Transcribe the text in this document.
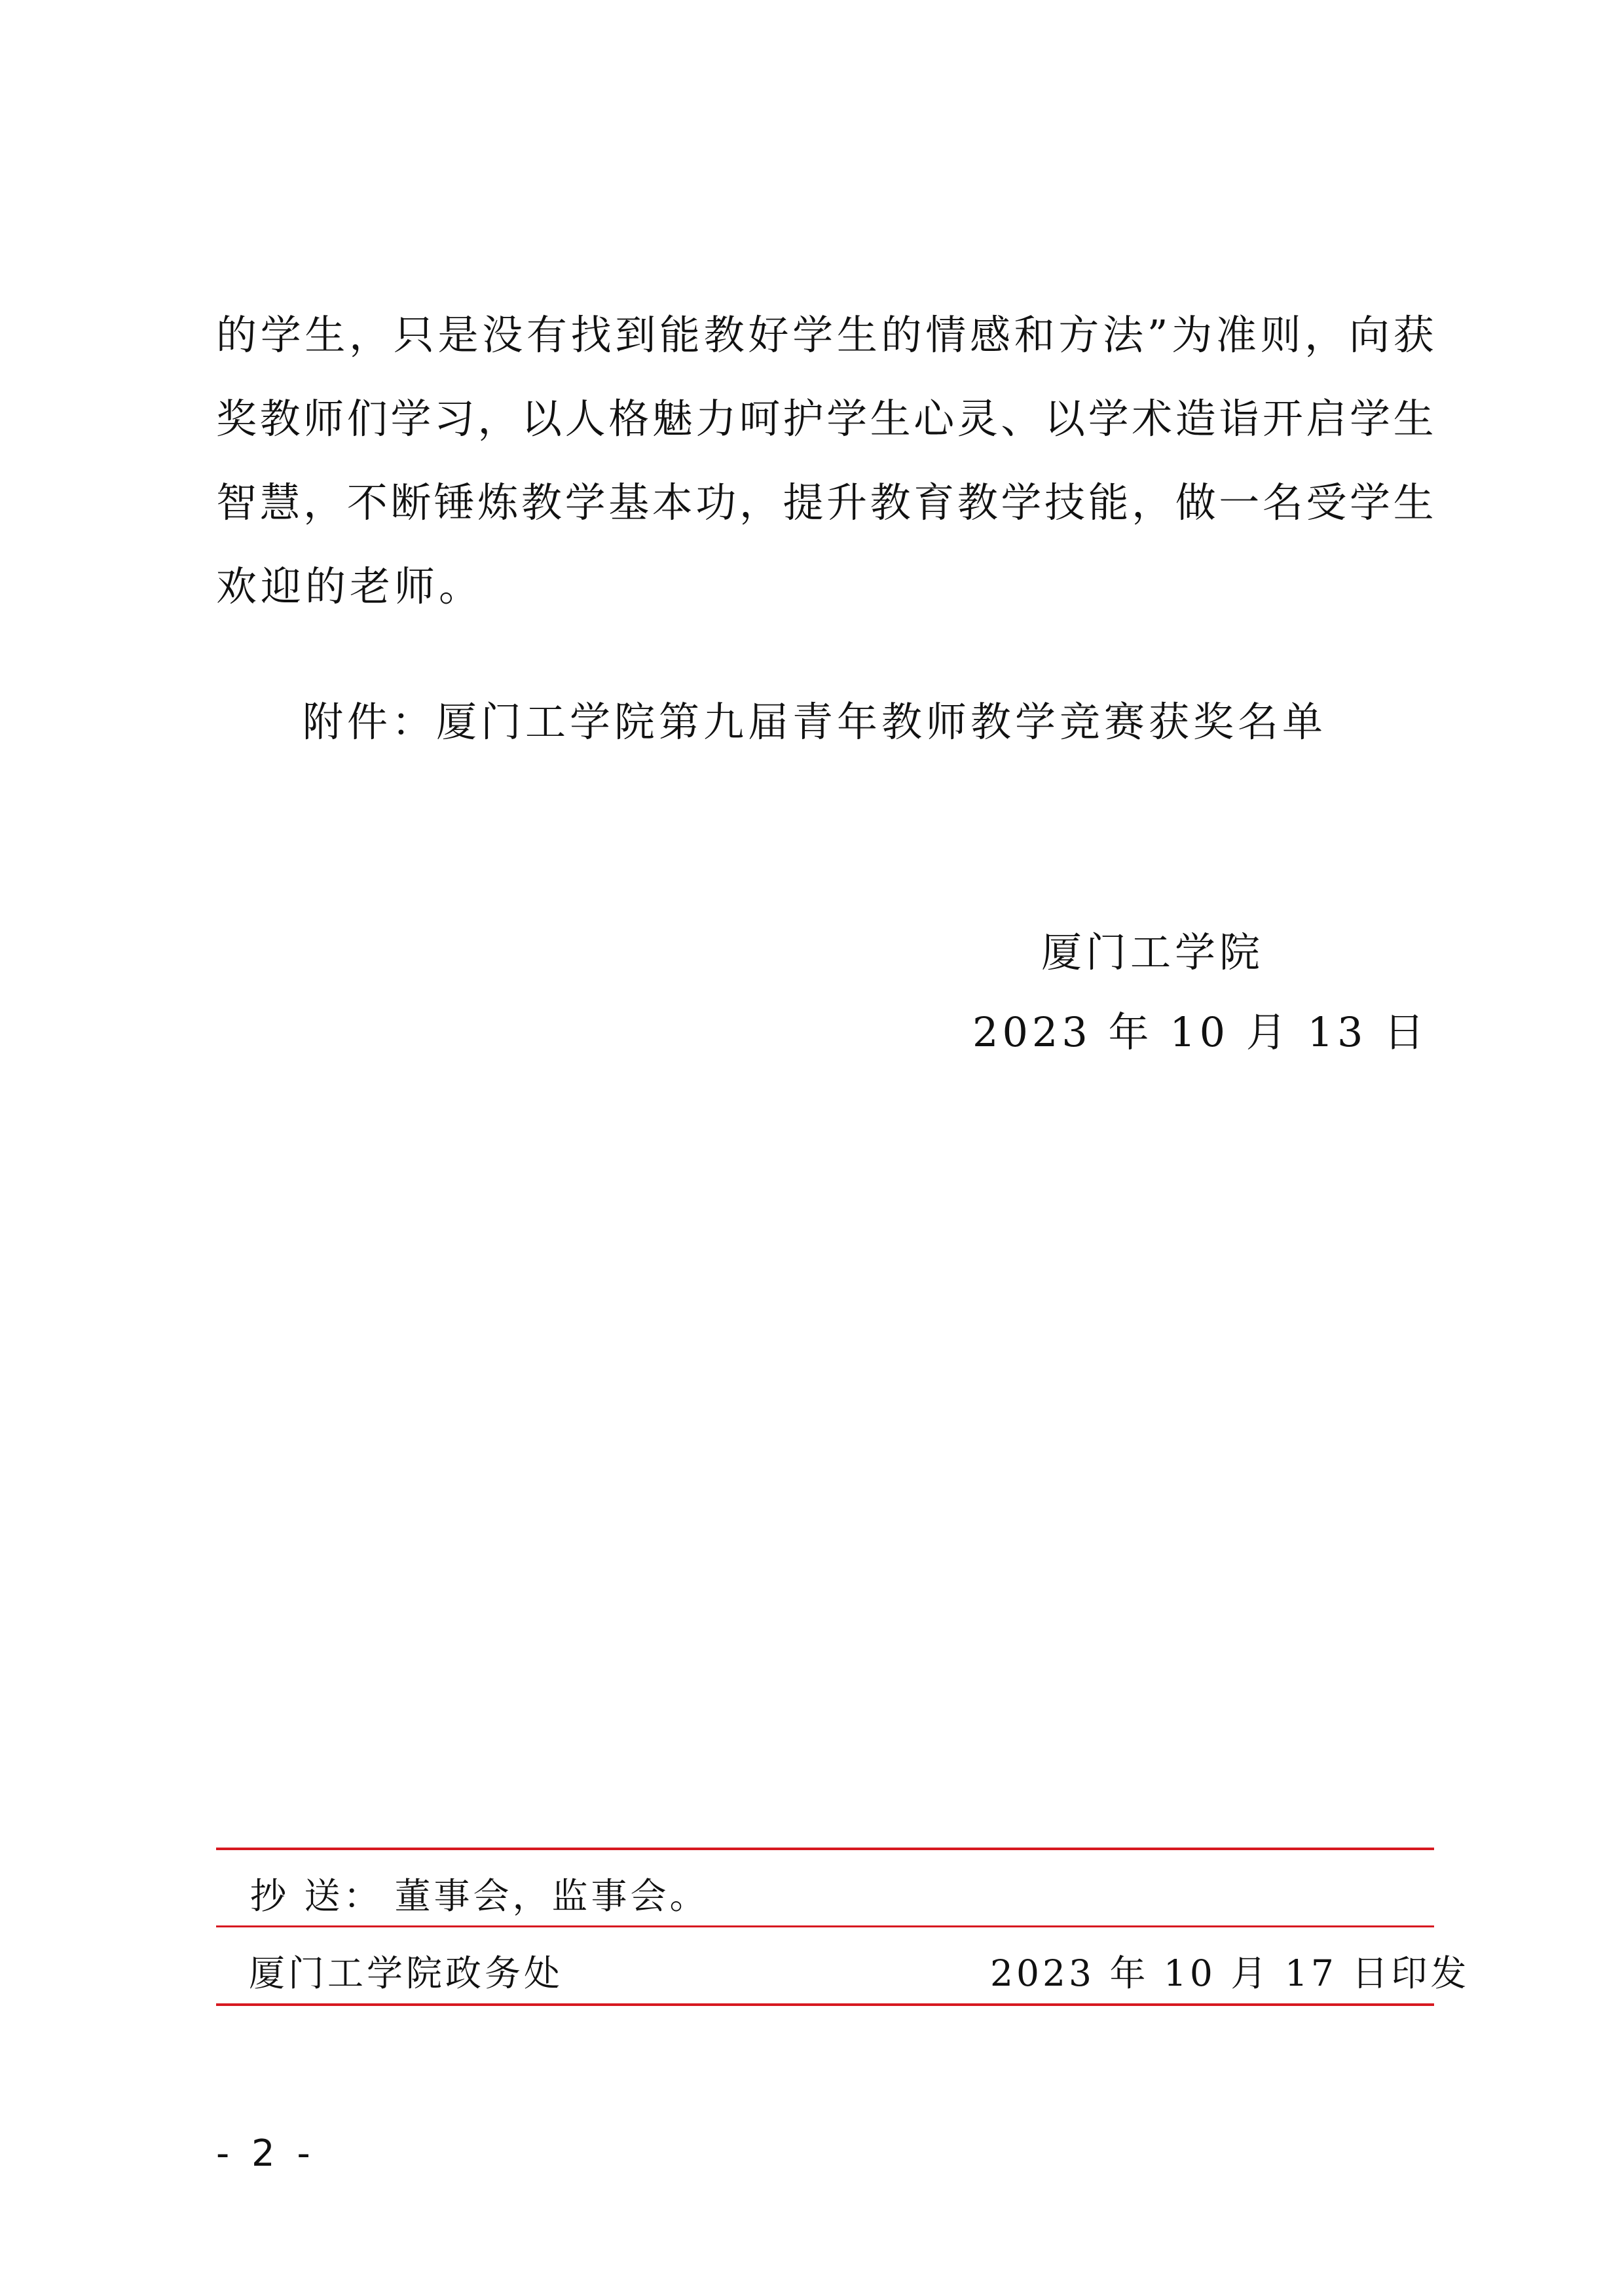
的 学 生 ， 只 是 没 有 找 到 能 教 好 学 生 的 情 感 和 方 法 ” 为 准 则 ， 向 获
奖 教 师 们 学 习 ， 以 人 格 魅 力 呵 护 学 生 心 灵 、 以 学 术 造 诣 开 启 学 生
智 慧 ， 不 断 锤 炼 教 学 基 本 功 ， 提 升 教 育 教 学 技 能 ， 做 一 名 受 学 生
欢迎的老师。
附件：厦门工学院第九届青年教师教学竞赛获奖名单
厦门工学院
2023 年 10 月 13 日
抄 送： 董事会，监事会。
厦门工学院政务处	2023 年 10 月 17 日印发
- 2 -
